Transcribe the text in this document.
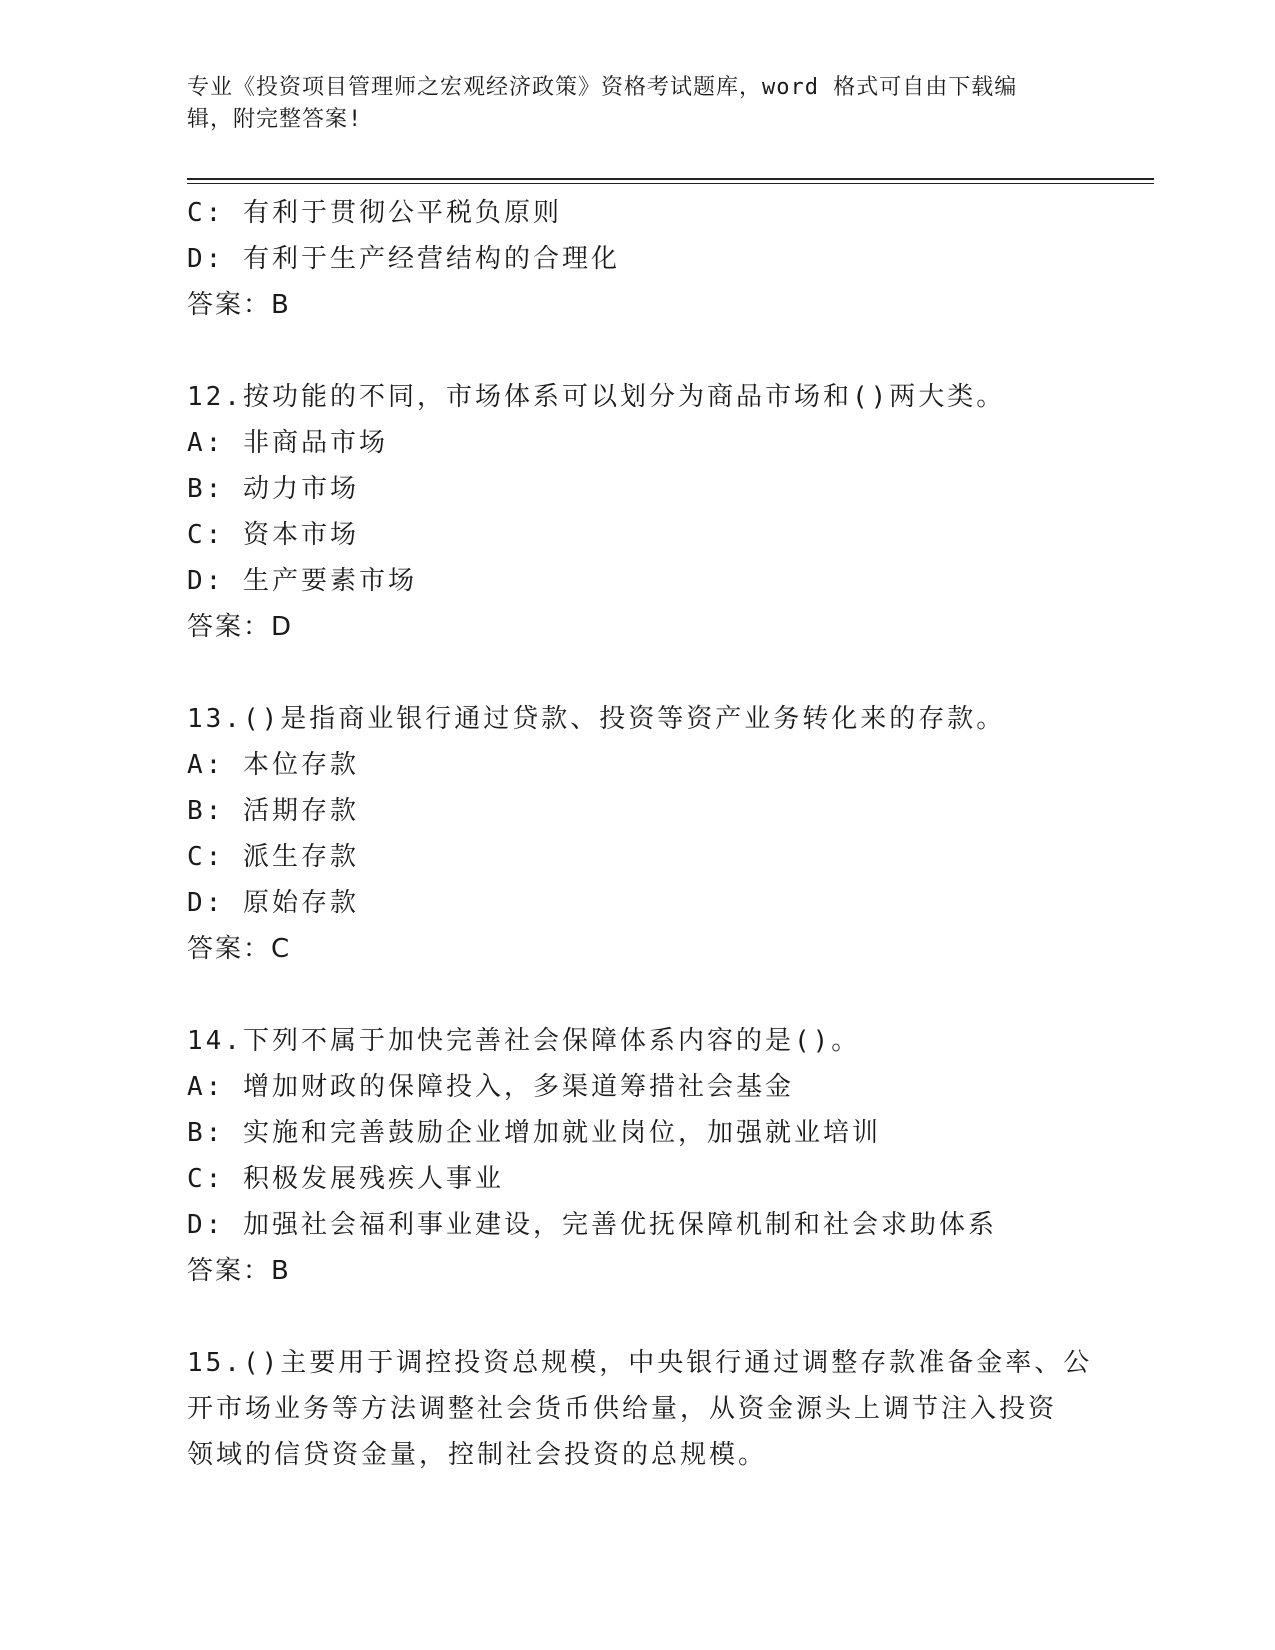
专业《投资项目管理师之宏观经济政策》资格考试题库，word 格式可自由下载编
辑，附完整答案!
C: 有利于贯彻公平税负原则
D: 有利于生产经营结构的合理化
答案：B
12.按功能的不同，市场体系可以划分为商品市场和()两大类。
A: 非商品市场
B: 动力市场
C: 资本市场
D: 生产要素市场
答案：D
13.()是指商业银行通过贷款、投资等资产业务转化来的存款。
A: 本位存款
B: 活期存款
C: 派生存款
D: 原始存款
答案：C
14.下列不属于加快完善社会保障体系内容的是()。
A: 增加财政的保障投入，多渠道筹措社会基金
B: 实施和完善鼓励企业增加就业岗位，加强就业培训
C: 积极发展残疾人事业
D: 加强社会福利事业建设，完善优抚保障机制和社会求助体系
答案：B
15.()主要用于调控投资总规模，中央银行通过调整存款准备金率、公
开市场业务等方法调整社会货币供给量，从资金源头上调节注入投资
领域的信贷资金量，控制社会投资的总规模。
